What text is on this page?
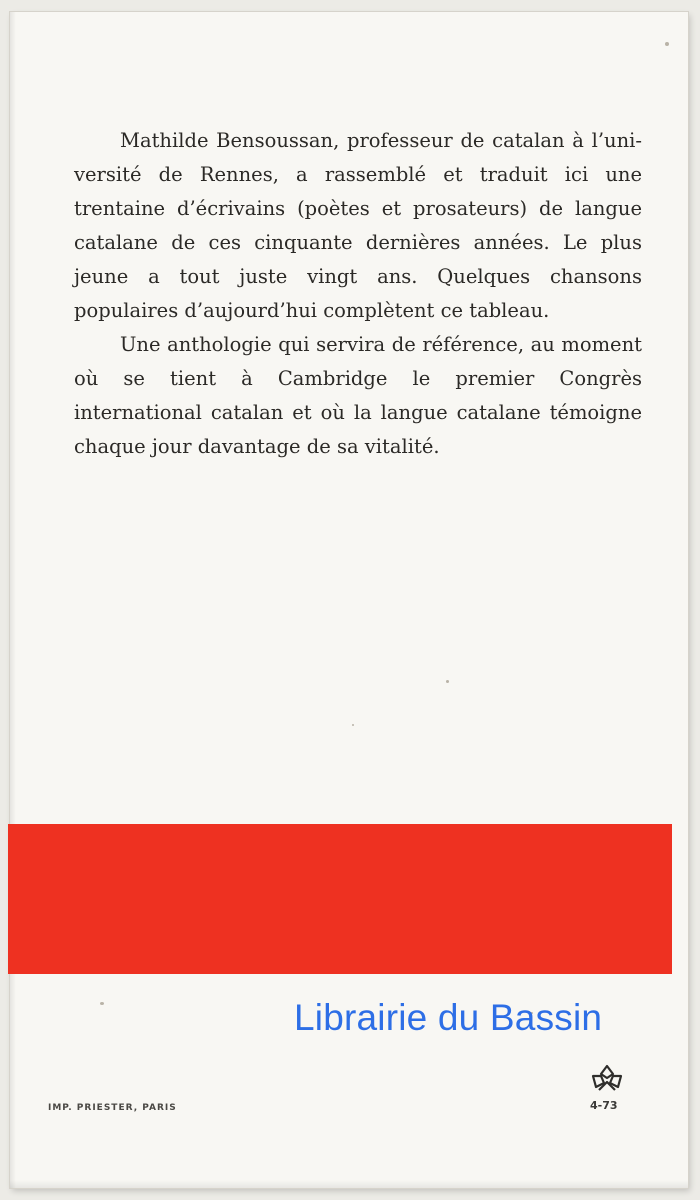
Mathilde Bensoussan, professeur de catalan à l’université de Rennes, a rassemblé et traduit ici une trentaine d’écrivains (poètes et prosateurs) de langue catalane de ces cinquante dernières années. Le plus jeune a tout juste vingt ans. Quelques chansons populaires d’aujourd’hui complètent ce tableau.

Une anthologie qui servira de référence, au moment où se tient à Cambridge le premier Congrès international catalan et où la langue catalane témoigne chaque jour davantage de sa vitalité.

IMP. PRIESTER, PARIS	4-73
Librairie du Bassin
